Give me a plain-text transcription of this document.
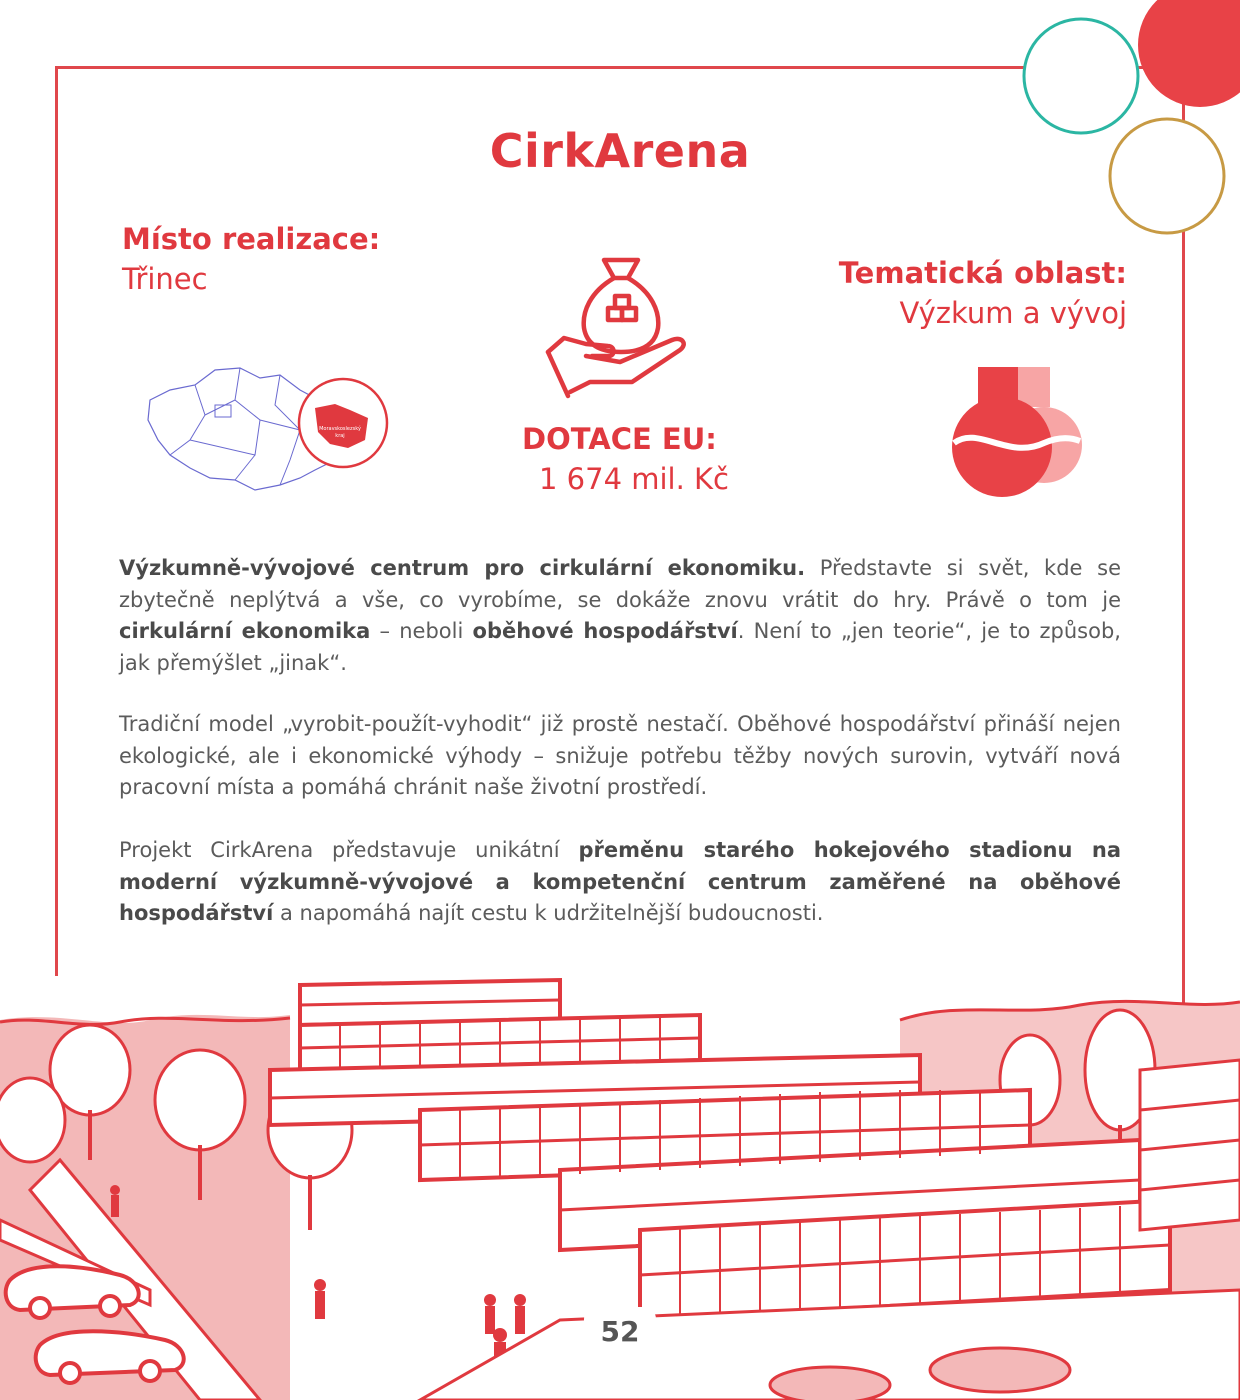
CirkArena
Místo realizace:
Třinec	Tematická oblast:
Výzkum a vývoj
Moravskoslezský
kraj	DOTACE EU:
1 674 mil. Kč
Výzkumně-vývojové centrum pro cirkulární ekonomiku. Představte si svět, kde se zbytečně neplýtvá a vše, co vyrobíme, se dokáže znovu vrátit do hry. Právě o tom je cirkulární ekonomika – neboli oběhové hospodářství. Není to „jen teorie“, je to způsob, jak přemýšlet „jinak“.
Tradiční model „vyrobit-použít-vyhodit“ již prostě nestačí. Oběhové hospodářství přináší nejen ekologické, ale i ekonomické výhody – snižuje potřebu těžby nových surovin, vytváří nová pracovní místa a pomáhá chránit naše životní prostředí.
Projekt CirkArena představuje unikátní přeměnu starého hokejového stadionu na moderní výzkumně-vývojové a kompetenční centrum zaměřené na oběhové hospodářství a napomáhá najít cestu k udržitelnější budoucnosti.
52
